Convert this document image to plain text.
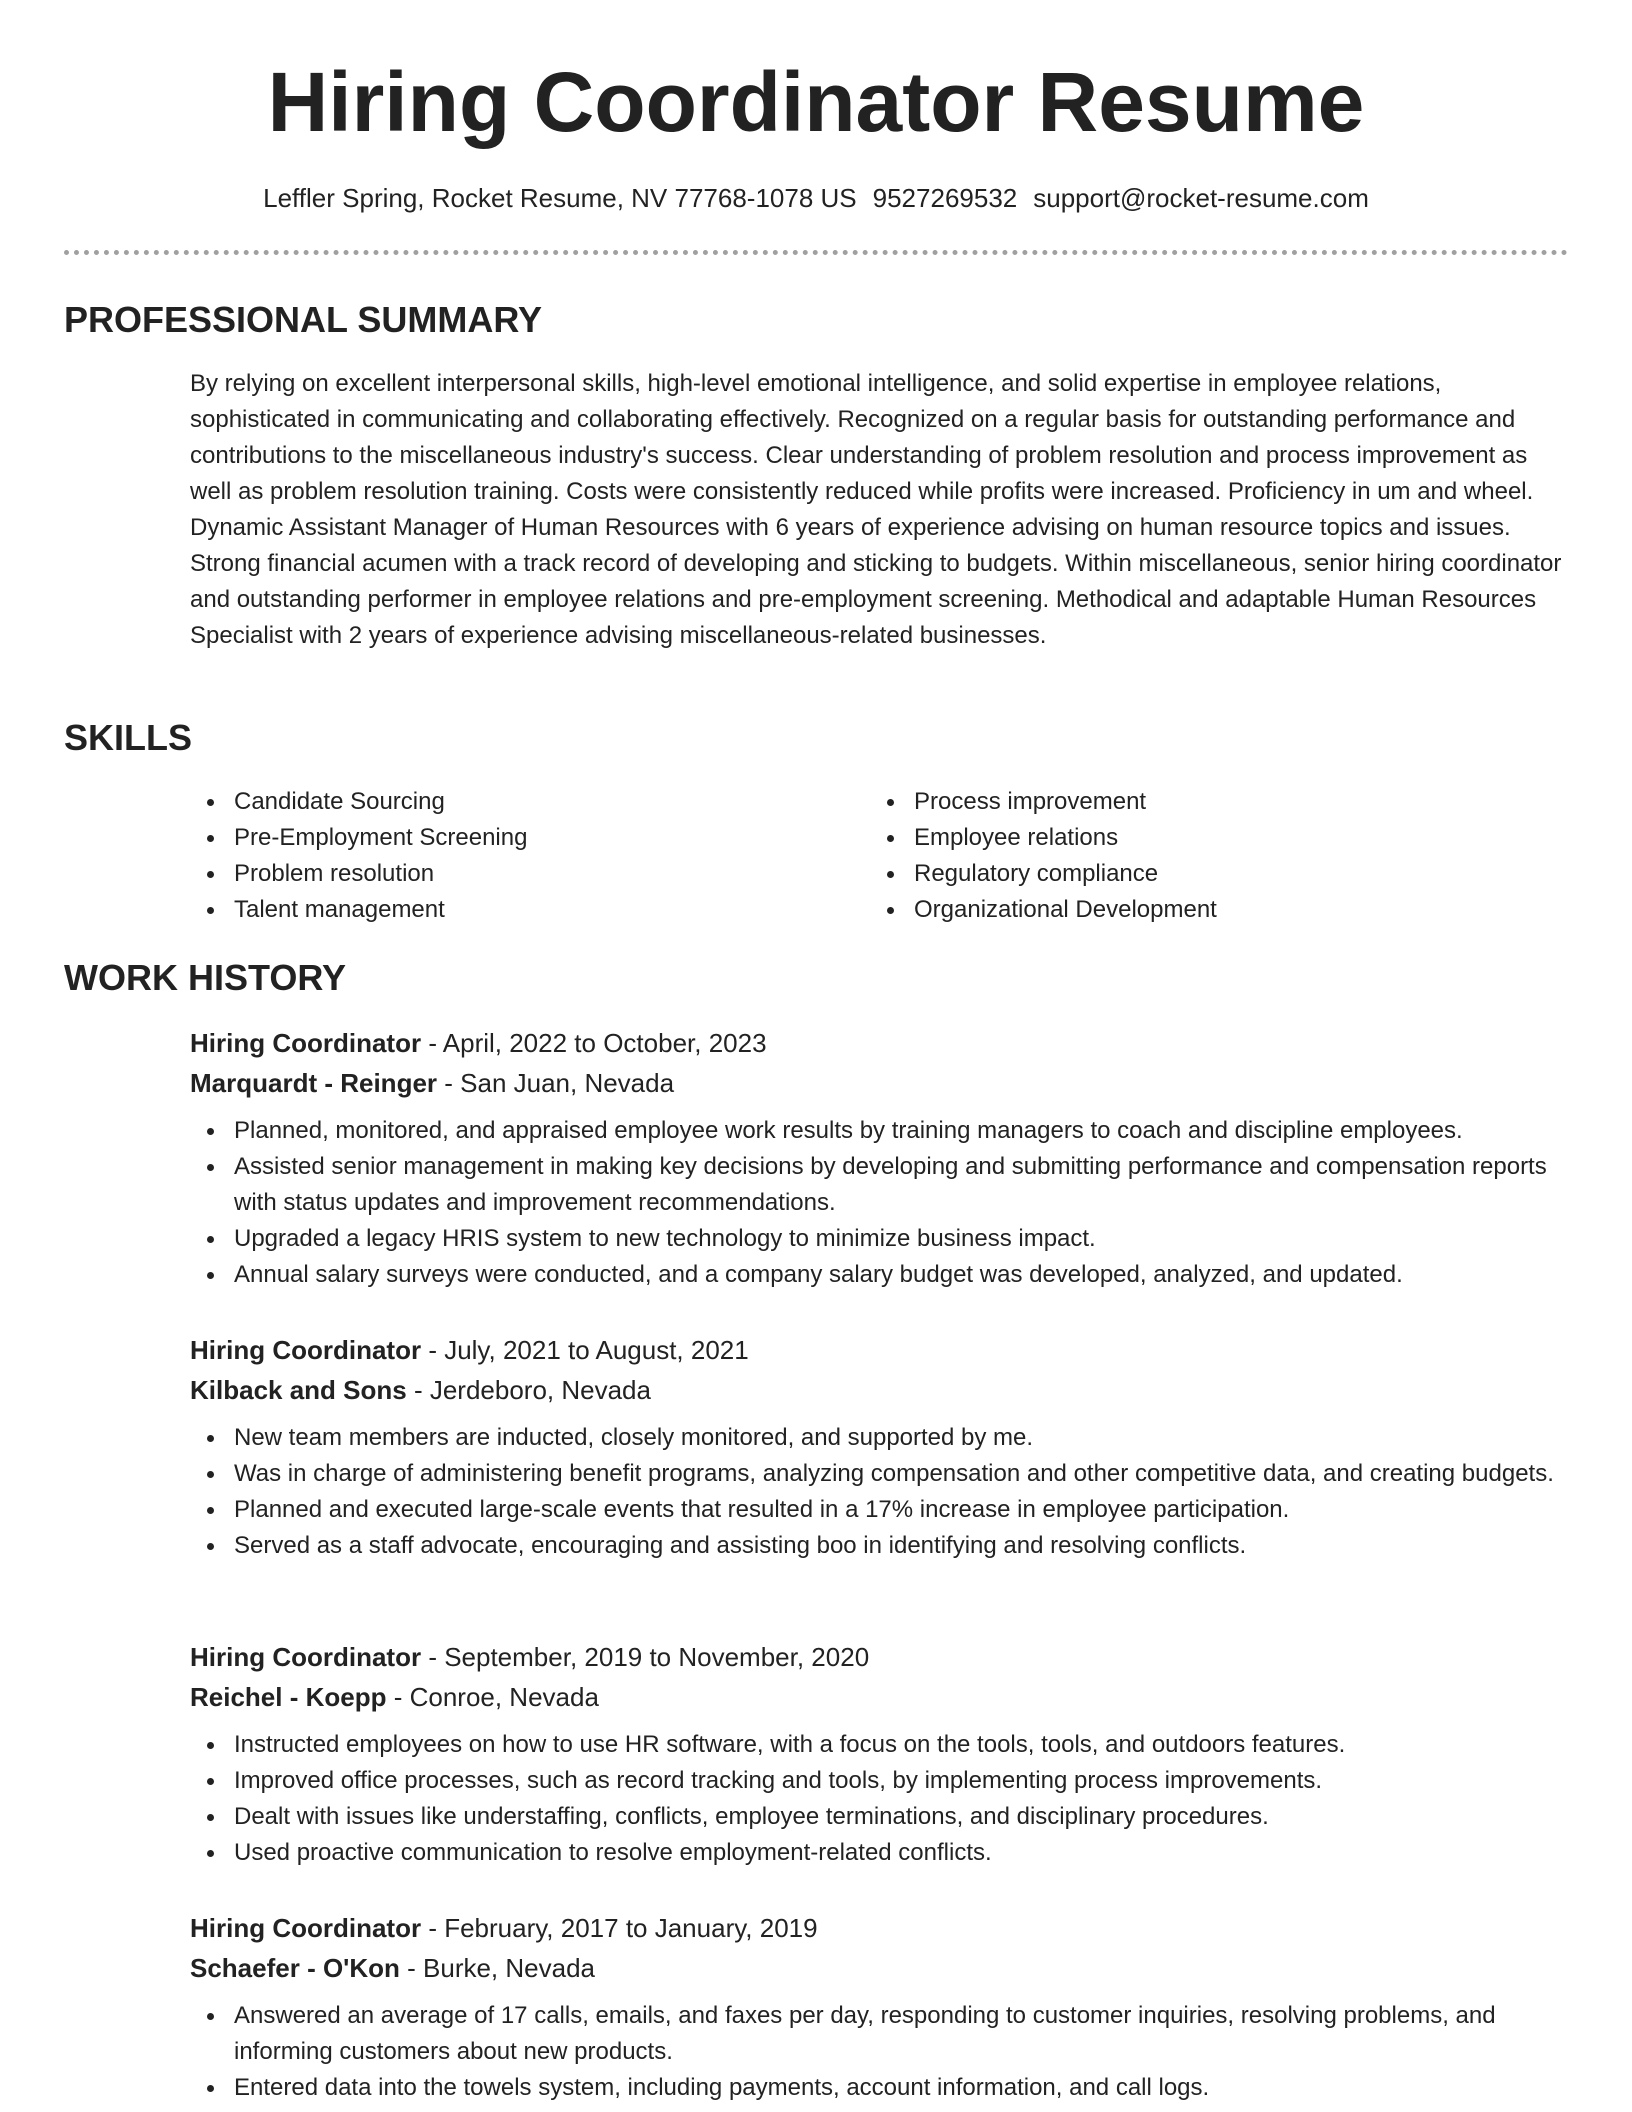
Hiring Coordinator Resume
Leffler Spring, Rocket Resume, NV 77768-1078 US 9527269532 support@rocket-resume.com
PROFESSIONAL SUMMARY

By relying on excellent interpersonal skills, high-level emotional intelligence, and solid expertise in employee relations, sophisticated in communicating and collaborating effectively. Recognized on a regular basis for outstanding performance and contributions to the miscellaneous industry's success. Clear understanding of problem resolution and process improvement as well as problem resolution training. Costs were consistently reduced while profits were increased. Proficiency in um and wheel. Dynamic Assistant Manager of Human Resources with 6 years of experience advising on human resource topics and issues. Strong financial acumen with a track record of developing and sticking to budgets. Within miscellaneous, senior hiring coordinator and outstanding performer in employee relations and pre-employment screening. Methodical and adaptable Human Resources Specialist with 2 years of experience advising miscellaneous-related businesses.

SKILLS
Candidate Sourcing
Pre-Employment Screening
Problem resolution
Talent management
Process improvement
Employee relations
Regulatory compliance
Organizational Development
WORK HISTORY
Hiring Coordinator - April, 2022 to October, 2023
Marquardt - Reinger - San Juan, Nevada
Planned, monitored, and appraised employee work results by training managers to coach and discipline employees.
Assisted senior management in making key decisions by developing and submitting performance and compensation reports with status updates and improvement recommendations.
Upgraded a legacy HRIS system to new technology to minimize business impact.
Annual salary surveys were conducted, and a company salary budget was developed, analyzed, and updated.
Hiring Coordinator - July, 2021 to August, 2021
Kilback and Sons - Jerdeboro, Nevada
New team members are inducted, closely monitored, and supported by me.
Was in charge of administering benefit programs, analyzing compensation and other competitive data, and creating budgets.
Planned and executed large-scale events that resulted in a 17% increase in employee participation.
Served as a staff advocate, encouraging and assisting boo in identifying and resolving conflicts.
Hiring Coordinator - September, 2019 to November, 2020
Reichel - Koepp - Conroe, Nevada
Instructed employees on how to use HR software, with a focus on the tools, tools, and outdoors features.
Improved office processes, such as record tracking and tools, by implementing process improvements.
Dealt with issues like understaffing, conflicts, employee terminations, and disciplinary procedures.
Used proactive communication to resolve employment-related conflicts.
Hiring Coordinator - February, 2017 to January, 2019
Schaefer - O'Kon - Burke, Nevada
Answered an average of 17 calls, emails, and faxes per day, responding to customer inquiries, resolving problems, and informing customers about new products.
Entered data into the towels system, including payments, account information, and call logs.
